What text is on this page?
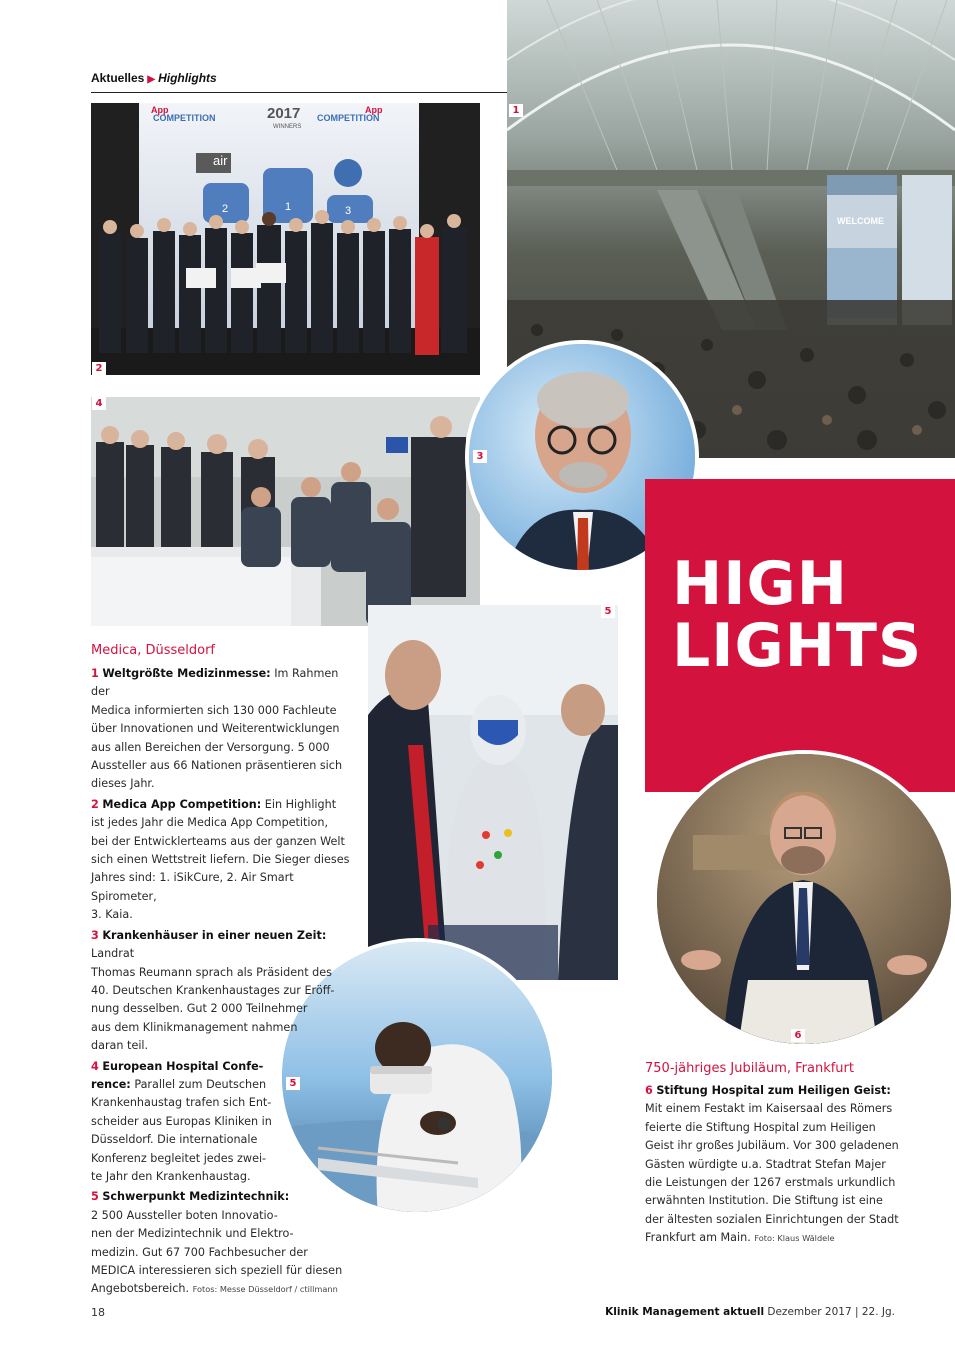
Aktuelles ▶ Highlights
WELCOME
1
App
COMPETITION	2017
WINNERS
App
COMPETITION
air
2	1	3
2
4
3
HIGH
LIGHTS
5
6
5
Medica, Düsseldorf

1 Weltgrößte Medizinmesse: Im Rahmen der
Medica informierten sich 130 000 Fachleute
über Innovationen und Weiterentwicklungen
aus allen Bereichen der Versorgung. 5 000
Aussteller aus 66 Nationen präsentieren sich
dieses Jahr.

2 Medica App Competition: Ein Highlight
ist jedes Jahr die Medica App Competition,
bei der Entwicklerteams aus der ganzen Welt
sich einen Wettstreit liefern. Die Sieger dieses
Jahres sind: 1. iSikCure, 2. Air Smart Spirometer,
3. Kaia.

3 Krankenhäuser in einer neuen Zeit: Landrat
Thomas Reumann sprach als Präsident des
40. Deutschen Krankenhaustages zur Eröff-
nung desselben. Gut 2 000 Teilnehmer
aus dem Klinikmanagement nahmen
daran teil.

4 European Hospital Confe-
rence: Parallel zum Deutschen
Krankenhaustag trafen sich Ent-
scheider aus Europas Kliniken in
Düsseldorf. Die internationale
Konferenz begleitet jedes zwei-
te Jahr den Krankenhaustag.

5 Schwerpunkt Medizintechnik:
2 500 Aussteller boten Innovatio-
nen der Medizintechnik und Elektro-
medizin. Gut 67 700 Fachbesucher der
MEDICA interessieren sich speziell für diesen
Angebotsbereich. Fotos: Messe Düsseldorf / ctillmann

750-jähriges Jubiläum, Frankfurt

6 Stiftung Hospital zum Heiligen Geist:
Mit einem Festakt im Kaisersaal des Römers
feierte die Stiftung Hospital zum Heiligen
Geist ihr großes Jubiläum. Vor 300 geladenen
Gästen würdigte u.a. Stadtrat Stefan Majer
die Leistungen der 1267 erstmals urkundlich
erwähnten Institution. Die Stiftung ist eine
der ältesten sozialen Einrichtungen der Stadt
Frankfurt am Main. Foto: Klaus Wäldele

18	Klinik Management aktuell Dezember 2017 | 22. Jg.
